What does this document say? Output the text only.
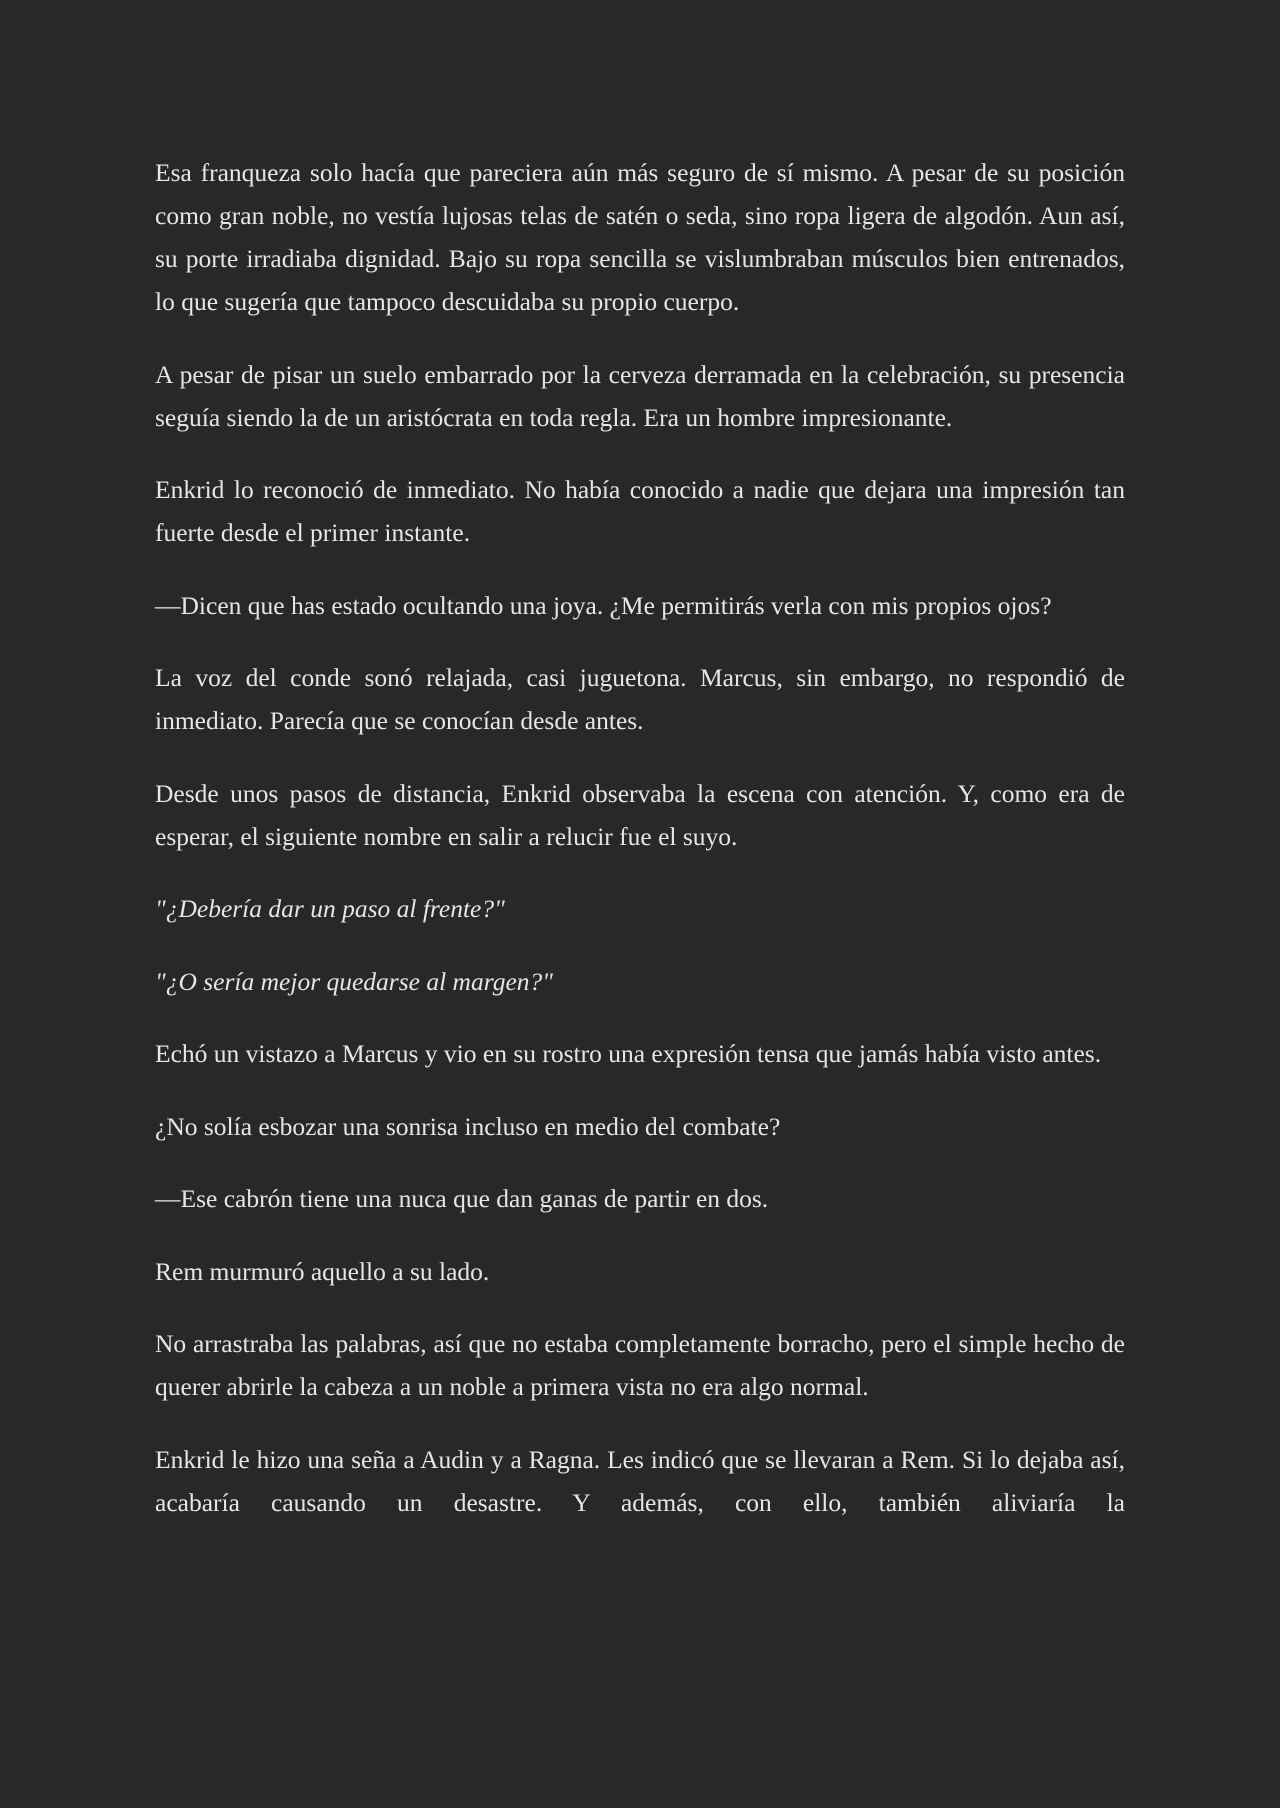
Esa franqueza solo hacía que pareciera aún más seguro de sí mismo. A pesar de su posición como gran noble, no vestía lujosas telas de satén o seda, sino ropa ligera de algodón. Aun así, su porte irradiaba dignidad. Bajo su ropa sencilla se vislumbraban músculos bien entrenados, lo que sugería que tampoco descuidaba su propio cuerpo.

A pesar de pisar un suelo embarrado por la cerveza derramada en la celebración, su presencia seguía siendo la de un aristócrata en toda regla. Era un hombre impresionante.

Enkrid lo reconoció de inmediato. No había conocido a nadie que dejara una impresión tan fuerte desde el primer instante.

—Dicen que has estado ocultando una joya. ¿Me permitirás verla con mis propios ojos?

La voz del conde sonó relajada, casi juguetona. Marcus, sin embargo, no respondió de inmediato. Parecía que se conocían desde antes.

Desde unos pasos de distancia, Enkrid observaba la escena con atención. Y, como era de esperar, el siguiente nombre en salir a relucir fue el suyo.

"¿Debería dar un paso al frente?"

"¿O sería mejor quedarse al margen?"

Echó un vistazo a Marcus y vio en su rostro una expresión tensa que jamás había visto antes.

¿No solía esbozar una sonrisa incluso en medio del combate?

—Ese cabrón tiene una nuca que dan ganas de partir en dos.

Rem murmuró aquello a su lado.

No arrastraba las palabras, así que no estaba completamente borracho, pero el simple hecho de querer abrirle la cabeza a un noble a primera vista no era algo normal.

Enkrid le hizo una seña a Audin y a Ragna. Les indicó que se llevaran a Rem. Si lo dejaba así, acabaría causando un desastre. Y además, con ello, también aliviaría la
